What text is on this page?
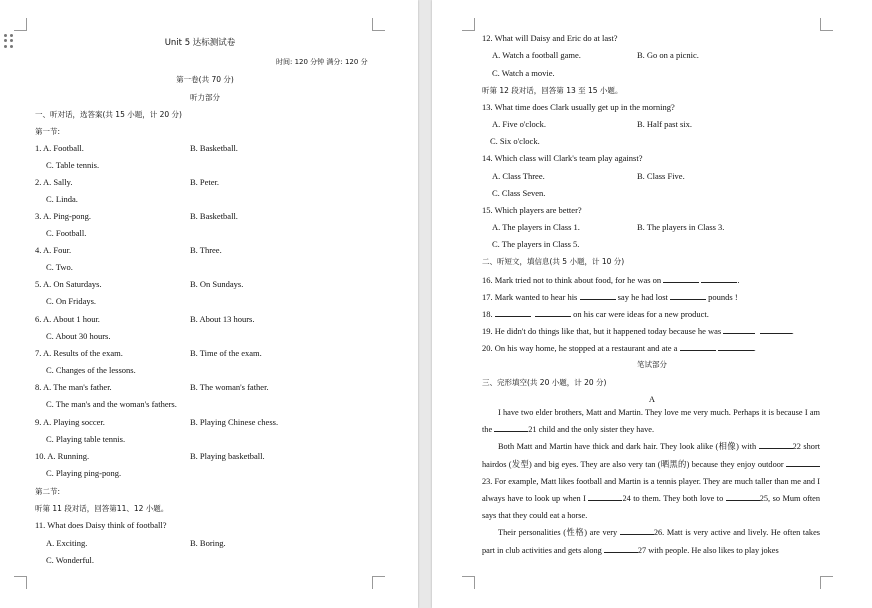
Unit 5 达标测试卷
时间: 120 分钟 满分: 120 分
第一卷(共 70 分)
听力部分
一、听对话，选答案(共 15 小题，计 20 分)
第一节:
1. A. Football.	B. Basketball.
C. Table tennis.
2. A. Sally.	B. Peter.
C. Linda.
3. A. Ping-pong.	B. Basketball.
C. Football.
4. A. Four.	B. Three.
C. Two.
5. A. On Saturdays.	B. On Sundays.
C. On Fridays.
6. A. About 1 hour.	B. About 13 hours.
C. About 30 hours.
7. A. Results of the exam.	B. Time of the exam.
C. Changes of the lessons.
8. A. The man's father.	B. The woman's father.
C. The man's and the woman's fathers.
9. A. Playing soccer.	B. Playing Chinese chess.
C. Playing table tennis.
10. A. Running.	B. Playing basketball.
C. Playing ping-pong.
第二节:
听第 11 段对话，回答第11、12 小题。
11. What does Daisy think of football?
A. Exciting.	B. Boring.
C. Wonderful.
12. What will Daisy and Eric do at last?
A. Watch a football game.	B. Go on a picnic.
C. Watch a movie.
听第 12 段对话，回答第 13 至 15 小题。
13. What time does Clark usually get up in the morning?
A. Five o'clock.	B. Half past six.
C. Six o'clock.
14. Which class will Clark's team play against?
A. Class Three.	B. Class Five.
C. Class Seven.
15. Which players are better?
A. The players in Class 1.	B. The players in Class 3.
C. The players in Class 5.
二、听短文，填信息(共 5 小题，计 10 分)
16. Mark tried not to think about food, for he was on	.
17. Mark wanted to hear his	say he had lost	pounds !
18.	on his car were ideas for a new product.
19. He didn't do things like that, but it happened today because he was	.
20. On his way home, he stopped at a restaurant and ate a	.
笔试部分
三、完形填空(共 20 小题，计 20 分)
A

I have two elder brothers, Matt and Martin. They love me very much. Perhaps it is because I am the	21 child and the only sister they have.

Both Matt and Martin have thick and dark hair. They look alike (相像) with	22 short hairdos (发型) and big eyes. They are also very tan (晒黑的) because they enjoy outdoor 23. For example, Matt likes football and Martin is a tennis player. They are much taller than me and I always have to look up when I	24 to them. They both love to	25, so Mum often says that they could eat a horse.

Their personalities (性格) are very	26. Matt is very active and lively. He often takes part in club activities and gets along	27 with people. He also likes to play jokes
